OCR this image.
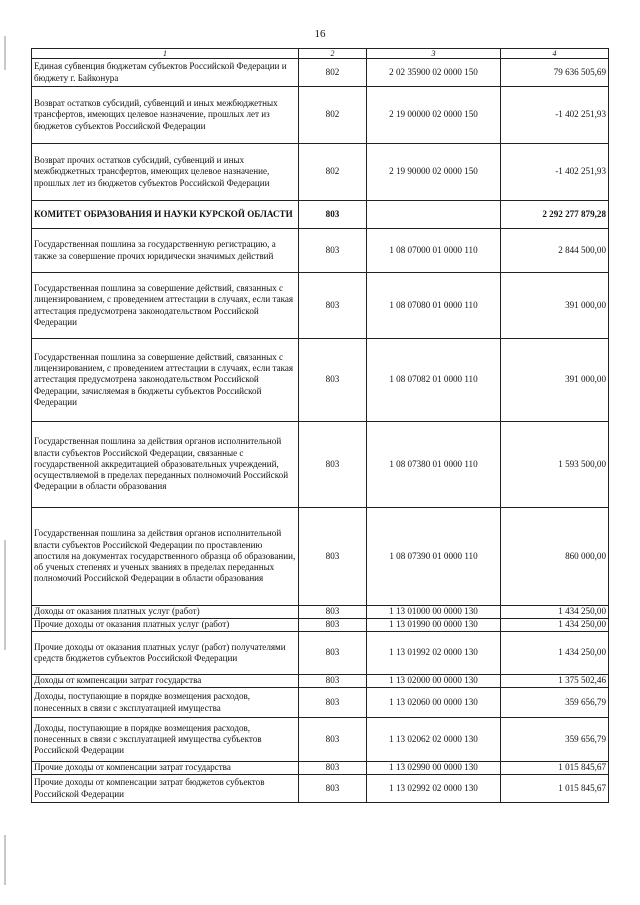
16
1	2	3	4
Единая субвенция бюджетам субъектов Российской Федерации и бюджету г. Байконура	802	2 02 35900 02 0000 150	79 636 505,69
Возврат остатков субсидий, субвенций и иных межбюджетных трансфертов, имеющих целевое назначение, прошлых лет из бюджетов субъектов Российской Федерации	802	2 19 00000 02 0000 150	-1 402 251,93
Возврат прочих остатков субсидий, субвенций и иных межбюджетных трансфертов, имеющих целевое назначение, прошлых лет из бюджетов субъектов Российской Федерации	802	2 19 90000 02 0000 150	-1 402 251,93
КОМИТЕТ ОБРАЗОВАНИЯ И НАУКИ КУРСКОЙ ОБЛАСТИ	803		2 292 277 879,28
Государственная пошлина за государственную регистрацию, а также за совершение прочих юридически значимых действий	803	1 08 07000 01 0000 110	2 844 500,00
Государственная пошлина за совершение действий, связанных с лицензированием, с проведением аттестации в случаях, если такая аттестация предусмотрена законодательством Российской Федерации	803	1 08 07080 01 0000 110	391 000,00
Государственная пошлина за совершение действий, связанных с лицензированием, с проведением аттестации в случаях, если такая аттестация предусмотрена законодательством Российской Федерации, зачисляемая в бюджеты субъектов Российской Федерации	803	1 08 07082 01 0000 110	391 000,00
Государственная пошлина за действия органов исполнительной власти субъектов Российской Федерации, связанные с государственной аккредитацией образовательных учреждений, осуществляемой в пределах переданных полномочий Российской Федерации в области образования	803	1 08 07380 01 0000 110	1 593 500,00
Государственная пошлина за действия органов исполнительной власти субъектов Российской Федерации по проставлению апостиля на документах государственного образца об образовании, об ученых степенях и ученых званиях в пределах переданных полномочий Российской Федерации в области образования	803	1 08 07390 01 0000 110	860 000,00
Доходы от оказания платных услуг (работ)	803	1 13 01000 00 0000 130	1 434 250,00
Прочие доходы от оказания платных услуг (работ)	803	1 13 01990 00 0000 130	1 434 250,00
Прочие доходы от оказания платных услуг (работ) получателями средств бюджетов субъектов Российской Федерации	803	1 13 01992 02 0000 130	1 434 250,00
Доходы от компенсации затрат государства	803	1 13 02000 00 0000 130	1 375 502,46
Доходы, поступающие в порядке возмещения расходов, понесенных в связи с эксплуатацией имущества	803	1 13 02060 00 0000 130	359 656,79
Доходы, поступающие в порядке возмещения расходов, понесенных в связи с эксплуатацией имущества субъектов Российской Федерации	803	1 13 02062 02 0000 130	359 656,79
Прочие доходы от компенсации затрат государства	803	1 13 02990 00 0000 130	1 015 845,67
Прочие доходы от компенсации затрат бюджетов субъектов Российской Федерации	803	1 13 02992 02 0000 130	1 015 845,67
